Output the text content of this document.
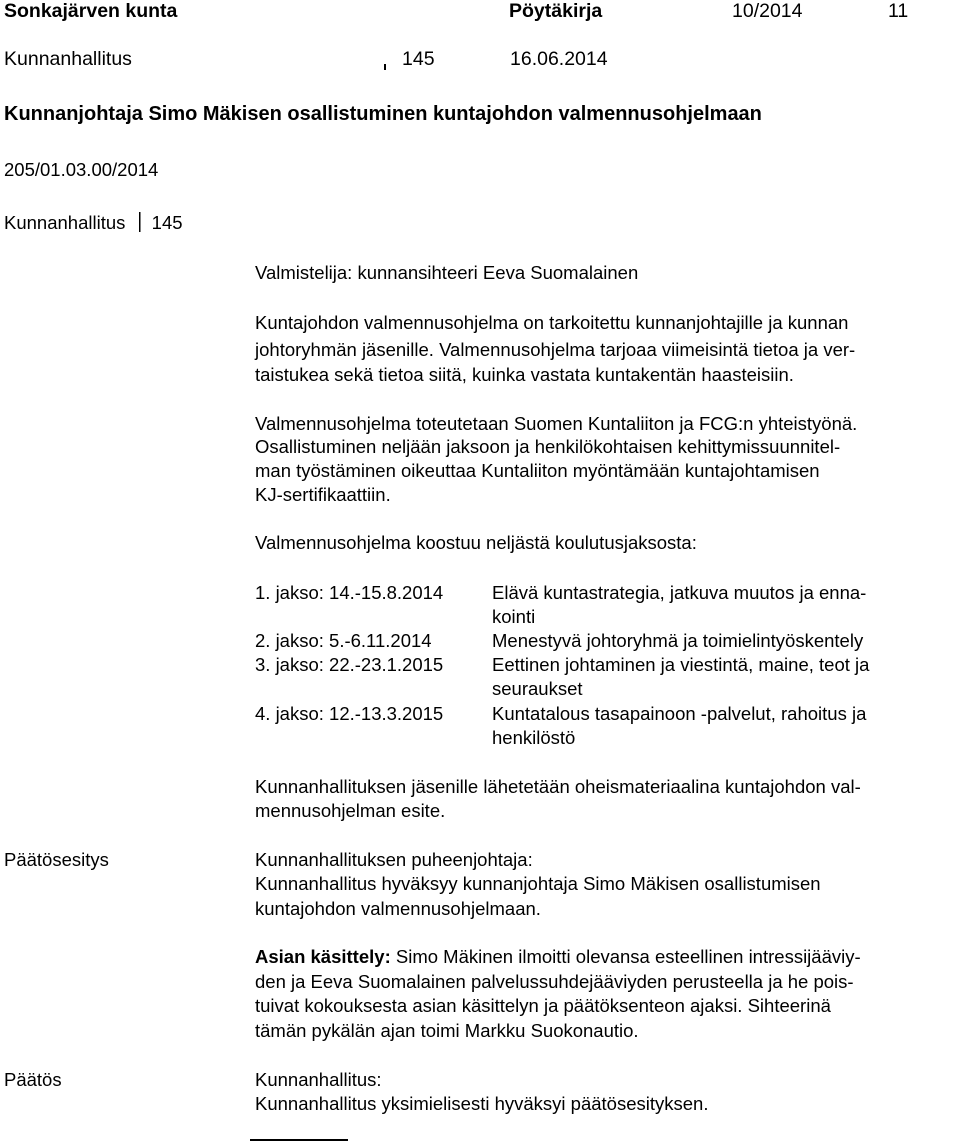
Sonkajärven kunta	Pöytäkirja	10/2014	11
Kunnanhallitus	145	16.06.2014
Kunnanjohtaja Simo Mäkisen osallistuminen kuntajohdon valmennusohjelmaan
205/01.03.00/2014
Kunnanhallitus 145
Valmistelija: kunnansihteeri Eeva Suomalainen
Kuntajohdon valmennusohjelma on tarkoitettu kunnanjohtajille ja kunnan
johtoryhmän jäsenille. Valmennusohjelma tarjoaa viimeisintä tietoa ja ver-
taistukea sekä tietoa siitä, kuinka vastata kuntakentän haasteisiin.
Valmennusohjelma toteutetaan Suomen Kuntaliiton ja FCG:n yhteistyönä.
Osallistuminen neljään jaksoon ja henkilökohtaisen kehittymissuunnitel-
man työstäminen oikeuttaa Kuntaliiton myöntämään kuntajohtamisen
KJ-sertifikaattiin.
Valmennusohjelma koostuu neljästä koulutusjaksosta:
1. jakso: 14.-15.8.2014	Elävä kuntastrategia, jatkuva muutos ja enna-
kointi
2. jakso: 5.-6.11.2014	Menestyvä johtoryhmä ja toimielintyöskentely
3. jakso: 22.-23.1.2015	Eettinen johtaminen ja viestintä, maine, teot ja
seuraukset
4. jakso: 12.-13.3.2015	Kuntatalous tasapainoon -palvelut, rahoitus ja
henkilöstö
Kunnanhallituksen jäsenille lähetetään oheismateriaalina kuntajohdon val-
mennusohjelman esite.
Päätösesitys	Kunnanhallituksen puheenjohtaja:
Kunnanhallitus hyväksyy kunnanjohtaja Simo Mäkisen osallistumisen
kuntajohdon valmennusohjelmaan.
Asian käsittely: Simo Mäkinen ilmoitti olevansa esteellinen intressijääviy-
den ja Eeva Suomalainen palvelussuhdejääviyden perusteella ja he pois-
tuivat kokouksesta asian käsittelyn ja päätöksenteon ajaksi. Sihteerinä
tämän pykälän ajan toimi Markku Suokonautio.
Päätös	Kunnanhallitus:
Kunnanhallitus yksimielisesti hyväksyi päätösesityksen.
